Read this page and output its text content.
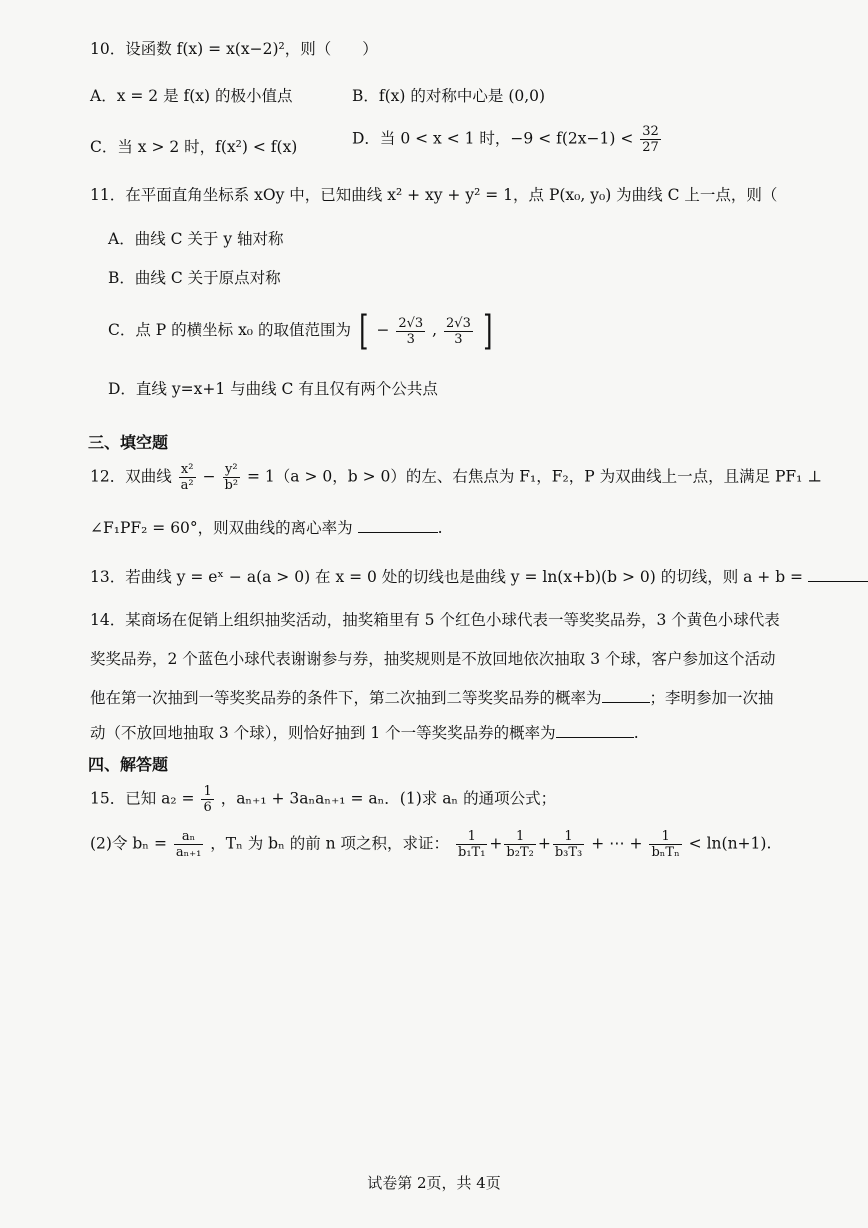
10．设函数 f(x) = x(x−2)²，则（　　）
A．x = 2 是 f(x) 的极小值点	B．f(x) 的对称中心是 (0,0)
C．当 x > 2 时，f(x²) < f(x)	D．当 0 < x < 1 时，$-9 < f(2x-1) < \frac{32}{27}$
11．在平面直角坐标系 xOy 中，已知曲线 x² + xy + y² = 1，点 P(x₀, y₀) 为曲线 C 上一点，则（
A．曲线 C 关于 y 轴对称
B．曲线 C 关于原点对称
C．点 P 的横坐标 x₀ 的取值范围为 [ − $\frac{2√3}{3}$ , $\frac{2√3}{3}$ ]
D．直线 y=x+1 与曲线 C 有且仅有两个公共点
三、填空题
12．双曲线 $\frac{\text{x²}}{\text{a²}} - \frac{\text{y²}}{\text{b²}} = 1(a > 0$，b > 0）的左、右焦点为 F₁，F₂，P 为双曲线上一点，且满足 PF₁ ⊥
∠F₁PF₂ = 60°，则双曲线的离心率为	.
13．若曲线 y = eˣ − a(a > 0) 在 x = 0 处的切线也是曲线 y = ln(x+b)(b > 0) 的切线，则 a + b =
14．某商场在促销上组织抽奖活动，抽奖箱里有 5 个红色小球代表一等奖奖品券，3 个黄色小球代表
奖奖品券，2 个蓝色小球代表谢谢参与券，抽奖规则是不放回地依次抽取 3 个球，客户参加这个活动
他在第一次抽到一等奖奖品券的条件下，第二次抽到二等奖奖品券的概率为	；李明参加一次抽
动（不放回地抽取 3 个球），则恰好抽到 1 个一等奖奖品券的概率为	.
四、解答题
15．已知 $a_2 = \frac{1}{6}$ ，aₙ₊₁ + 3aₙaₙ₊₁ = aₙ．(1)求 aₙ 的通项公式；
(2)令 $b_n = \frac{\text{aₙ}}{\text{aₙ₊₁}}$ ，Tₙ 为 bₙ 的前 n 项之积，求证： $\frac{1}{\text{b₁T₁}} + \frac{1}{\text{b₂T₂}} + \frac{1}{\text{b₃T₃}}$ + ⋯ + $\frac{1}{\text{bₙTₙ}} < \ln(n+1)$.
试卷第 2页，共 4页
